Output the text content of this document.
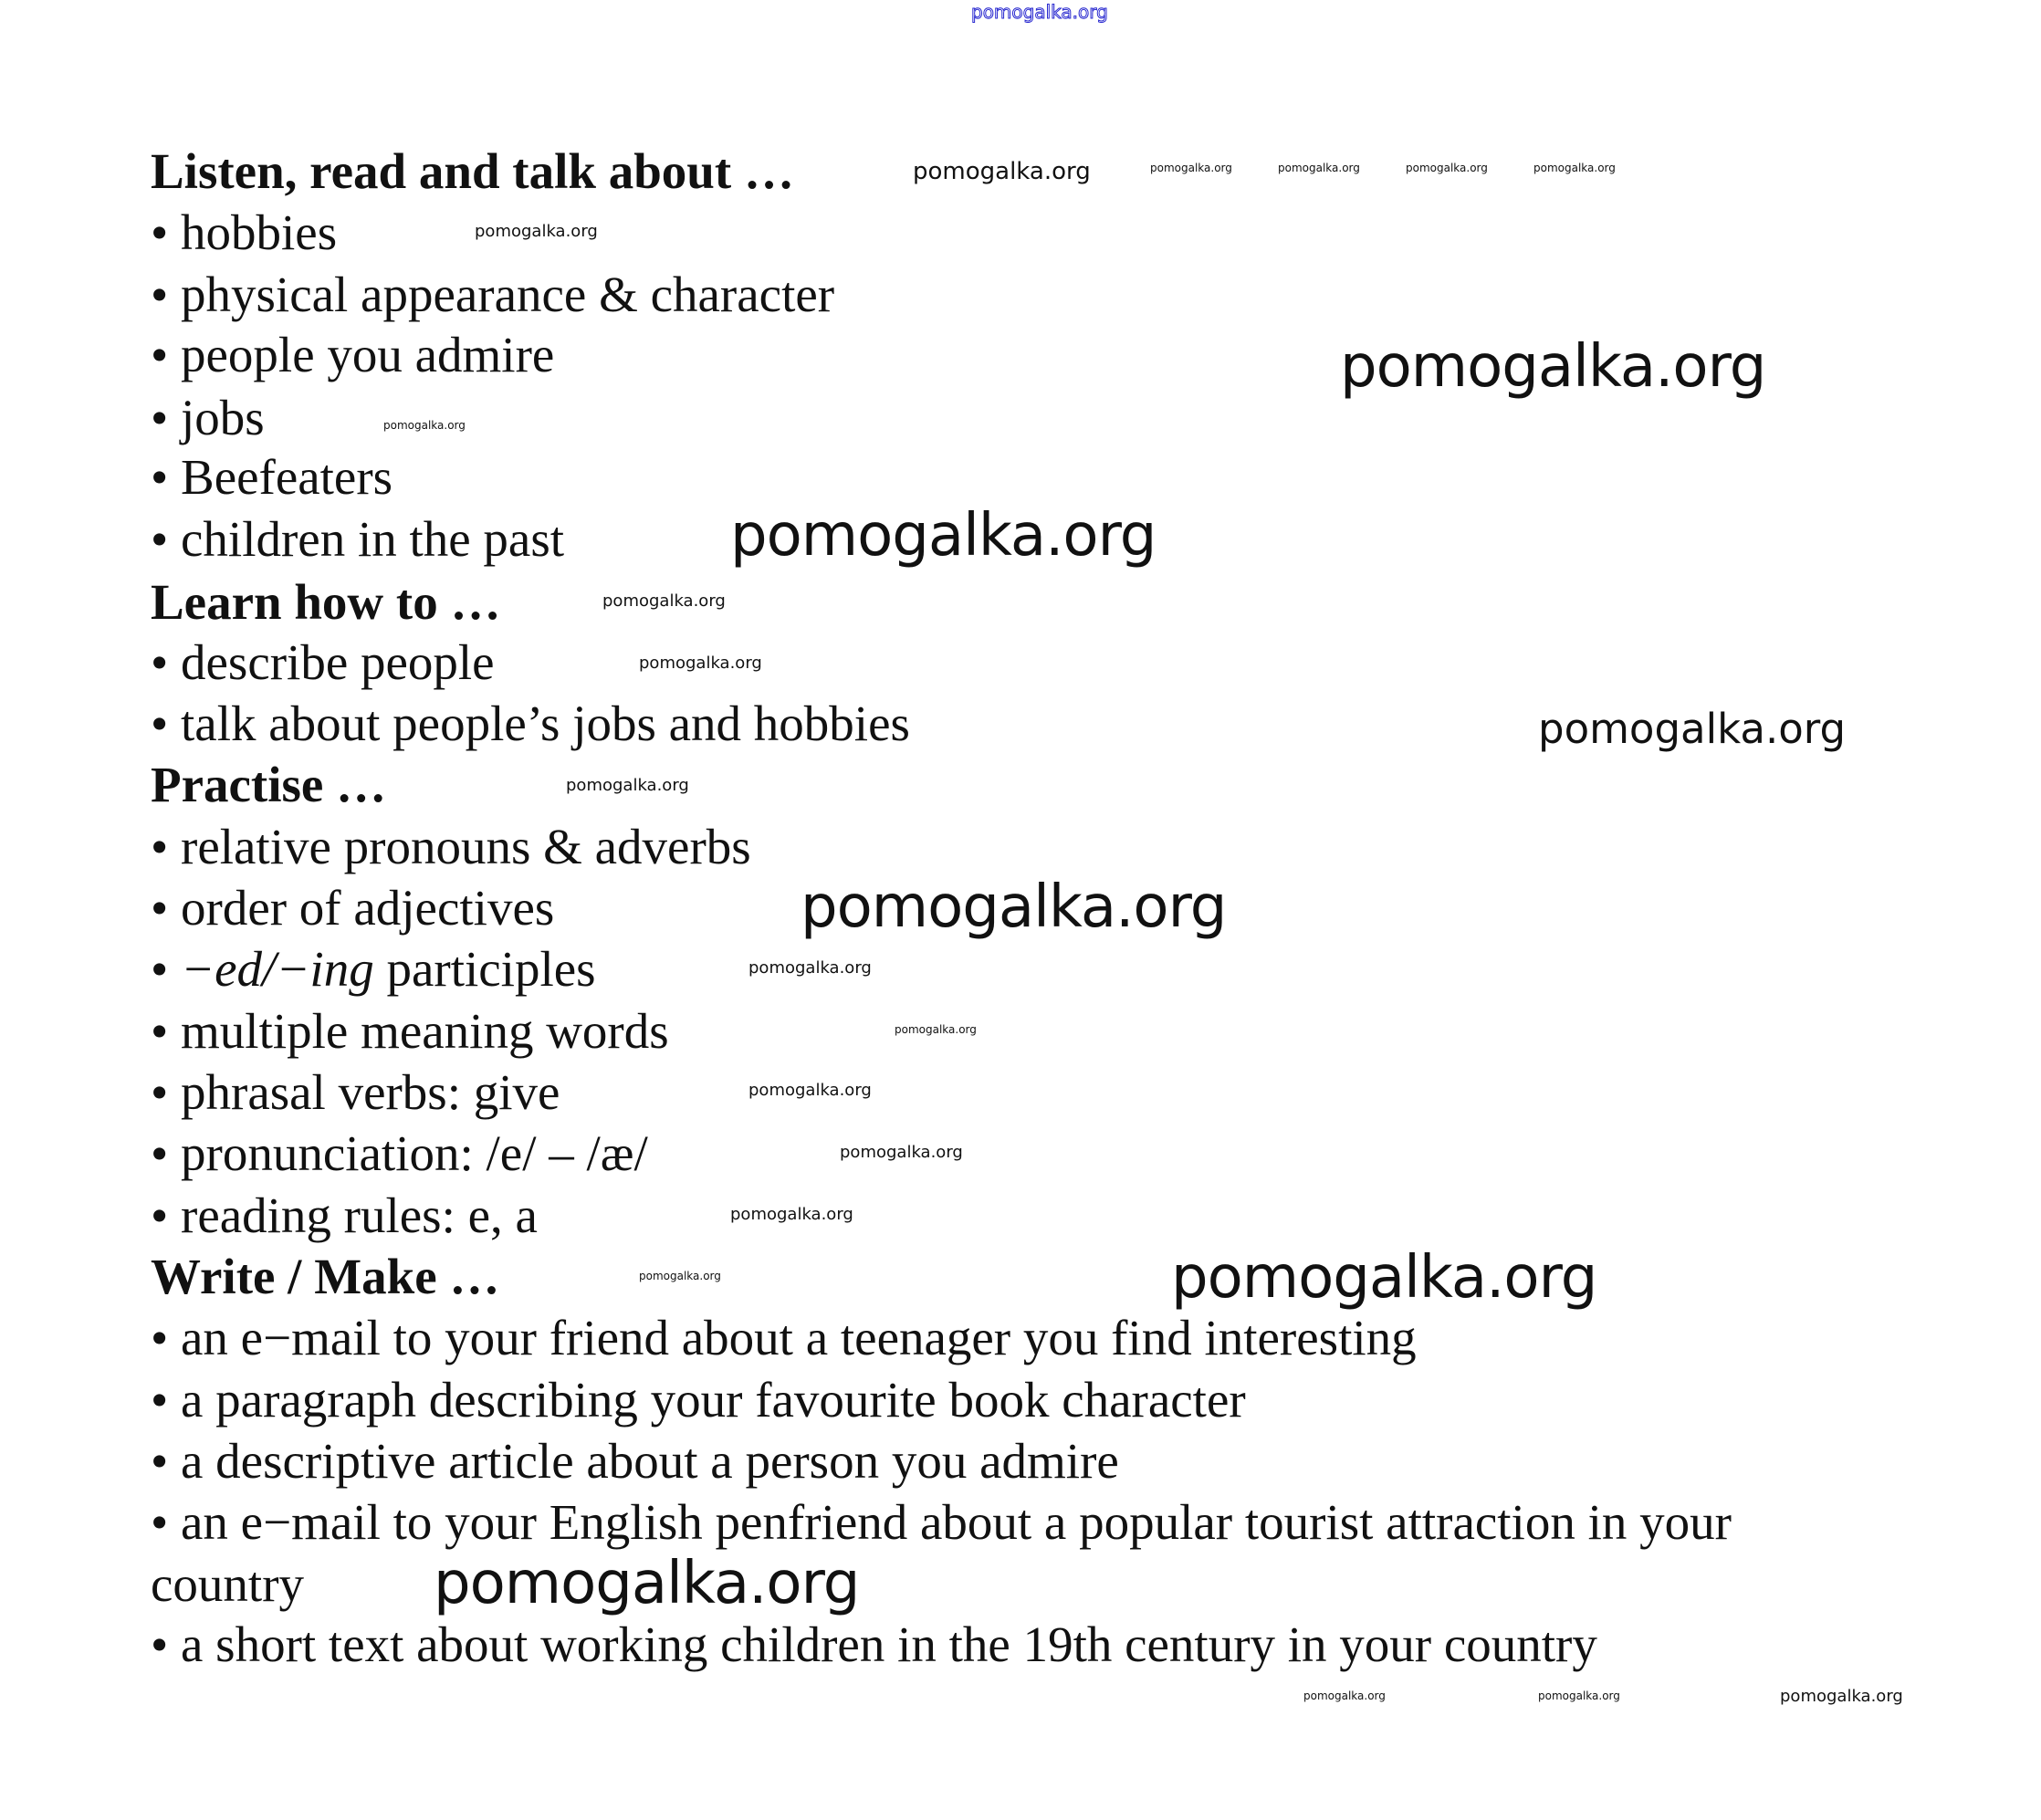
pomogalka.org
Listen, read and talk about …
• hobbies
• physical appearance & character
• people you admire
• jobs
• Beefeaters
• children in the past
Learn how to …
• describe people
• talk about people’s jobs and hobbies
Practise …
• relative pronouns & adverbs
• order of adjectives
• −ed/−ing participles
• multiple meaning words
• phrasal verbs: give
• pronunciation: /e/ – /æ/
• reading rules: e, a
Write / Make …
• an e−mail to your friend about a teenager you find interesting
• a paragraph describing your favourite book character
• a descriptive article about a person you admire
• an e−mail to your English penfriend about a popular tourist attraction in your
country
• a short text about working children in the 19th century in your country
pomogalka.org	pomogalka.org	pomogalka.org	pomogalka.org
pomogalka.org
pomogalka.org
pomogalka.org
pomogalka.org
pomogalka.org
pomogalka.org
pomogalka.org
pomogalka.org
pomogalka.org
pomogalka.org
pomogalka.org
pomogalka.org
pomogalka.org
pomogalka.org
pomogalka.org
pomogalka.org	pomogalka.org
pomogalka.org
pomogalka.org	pomogalka.org	pomogalka.org
